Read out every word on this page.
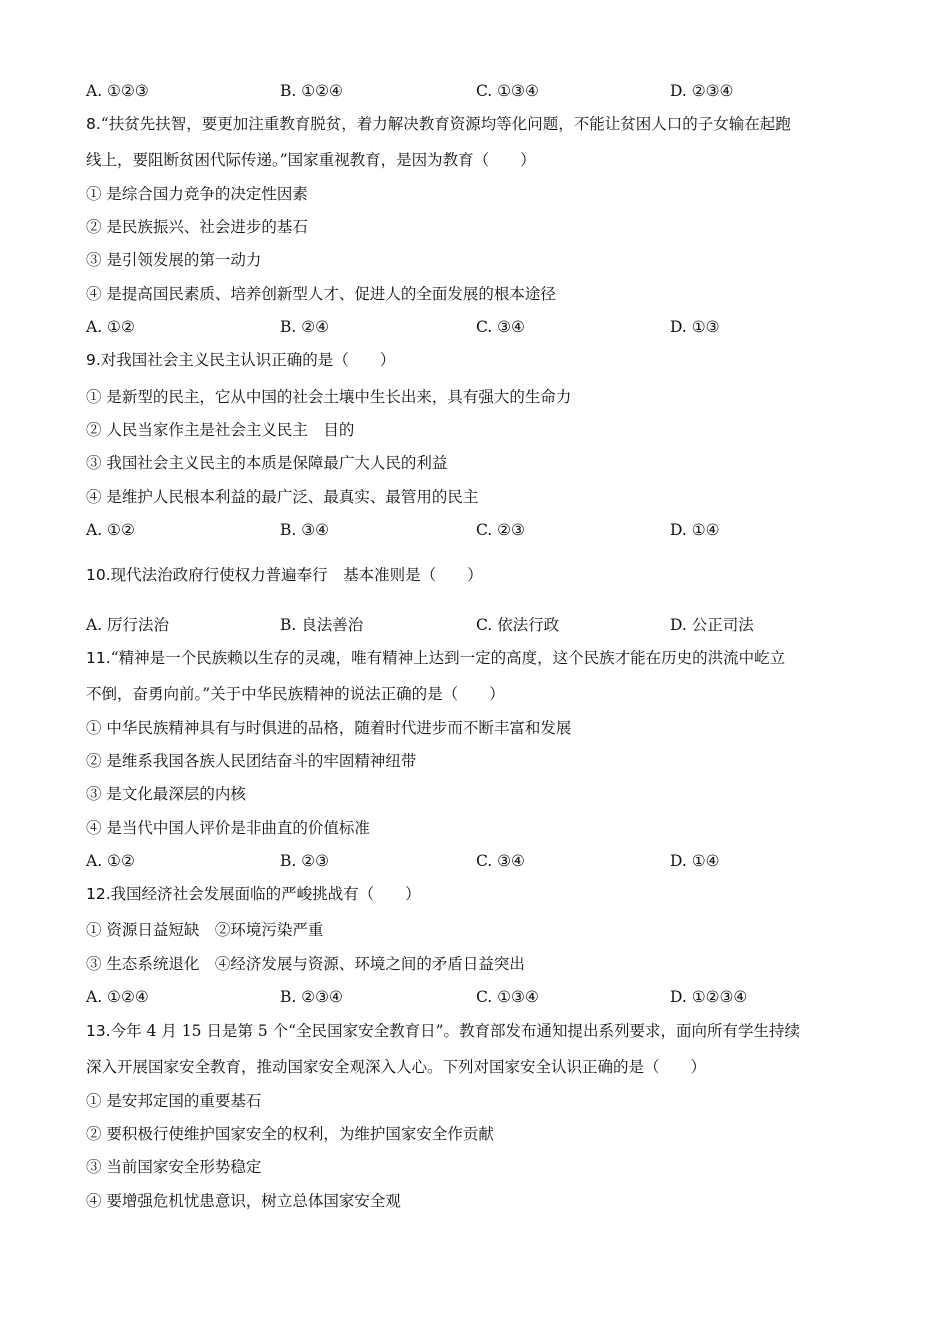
A. ①②③	B. ①②④	C. ①③④	D. ②③④
8.“扶贫先扶智，要更加注重教育脱贫，着力解决教育资源均等化问题，不能让贫困人口的子女输在起跑
线上，要阻断贫困代际传递。”国家重视教育，是因为教育（　　）
① 是综合国力竞争的决定性因素
② 是民族振兴、社会进步的基石
③ 是引领发展的第一动力
④ 是提高国民素质、培养创新型人才、促进人的全面发展的根本途径
A. ①②	B. ②④	C. ③④	D. ①③
9.对我国社会主义民主认识正确的是（　　）
① 是新型的民主，它从中国的社会土壤中生长出来，具有强大的生命力
② 人民当家作主是社会主义民主　目的
③ 我国社会主义民主的本质是保障最广大人民的利益
④ 是维护人民根本利益的最广泛、最真实、最管用的民主
A. ①②	B. ③④	C. ②③	D. ①④
10.现代法治政府行使权力普遍奉行　基本准则是（　　）
A. 厉行法治	B. 良法善治	C. 依法行政	D. 公正司法
11.“精神是一个民族赖以生存的灵魂，唯有精神上达到一定的高度，这个民族才能在历史的洪流中屹立
不倒，奋勇向前。”关于中华民族精神的说法正确的是（　　）
① 中华民族精神具有与时俱进的品格，随着时代进步而不断丰富和发展
② 是维系我国各族人民团结奋斗的牢固精神纽带
③ 是文化最深层的内核
④ 是当代中国人评价是非曲直的价值标准
A. ①②	B. ②③	C. ③④	D. ①④
12.我国经济社会发展面临的严峻挑战有（　　）
① 资源日益短缺　②环境污染严重
③ 生态系统退化　④经济发展与资源、环境之间的矛盾日益突出
A. ①②④	B. ②③④	C. ①③④	D. ①②③④
13.今年 4 月 15 日是第 5 个“全民国家安全教育日”。教育部发布通知提出系列要求，面向所有学生持续
深入开展国家安全教育，推动国家安全观深入人心。下列对国家安全认识正确的是（　　）
① 是安邦定国的重要基石
② 要积极行使维护国家安全的权利，为维护国家安全作贡献
③ 当前国家安全形势稳定
④ 要增强危机忧患意识，树立总体国家安全观
